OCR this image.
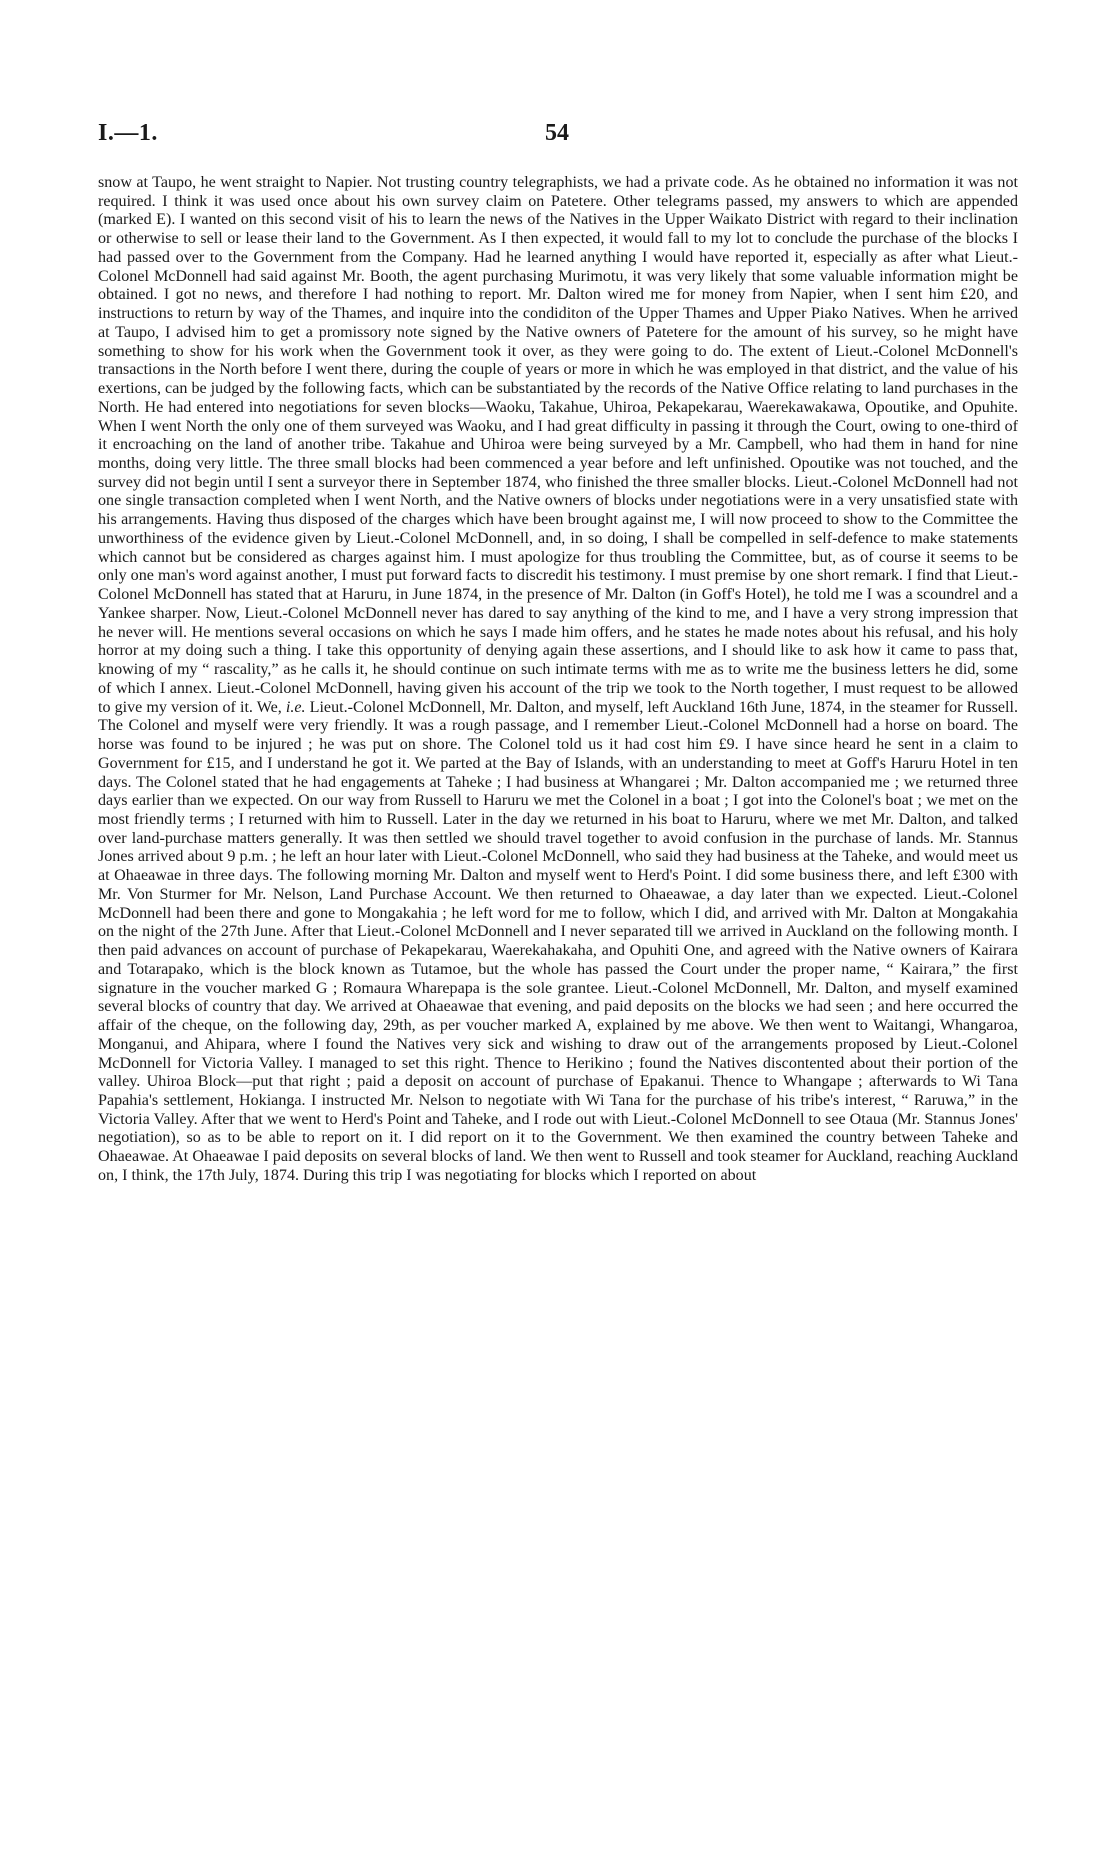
I.—1.	54

snow at Taupo, he went straight to Napier. Not trusting country telegraphists, we had a private code. As he obtained no information it was not required. I think it was used once about his own survey claim on Patetere. Other telegrams passed, my answers to which are appended (marked E). I wanted on this second visit of his to learn the news of the Natives in the Upper Waikato District with regard to their inclination or otherwise to sell or lease their land to the Government. As I then expected, it would fall to my lot to conclude the purchase of the blocks I had passed over to the Government from the Company. Had he learned anything I would have reported it, especially as after what Lieut.-Colonel McDonnell had said against Mr. Booth, the agent purchasing Murimotu, it was very likely that some valuable information might be obtained. I got no news, and therefore I had nothing to report. Mr. Dalton wired me for money from Napier, when I sent him £20, and instructions to return by way of the Thames, and inquire into the condiditon of the Upper Thames and Upper Piako Natives. When he arrived at Taupo, I advised him to get a promissory note signed by the Native owners of Patetere for the amount of his survey, so he might have something to show for his work when the Government took it over, as they were going to do. The extent of Lieut.-Colonel McDonnell's transactions in the North before I went there, during the couple of years or more in which he was employed in that district, and the value of his exertions, can be judged by the following facts, which can be substantiated by the records of the Native Office relating to land purchases in the North. He had entered into negotiations for seven blocks—Waoku, Takahue, Uhiroa, Pekapekarau, Waerekawakawa, Opoutike, and Opuhite. When I went North the only one of them surveyed was Waoku, and I had great difficulty in passing it through the Court, owing to one-third of it encroaching on the land of another tribe. Takahue and Uhiroa were being surveyed by a Mr. Campbell, who had them in hand for nine months, doing very little. The three small blocks had been commenced a year before and left unfinished. Opoutike was not touched, and the survey did not begin until I sent a surveyor there in September 1874, who finished the three smaller blocks. Lieut.-Colonel McDonnell had not one single transaction completed when I went North, and the Native owners of blocks under negotiations were in a very unsatisfied state with his arrangements. Having thus disposed of the charges which have been brought against me, I will now proceed to show to the Committee the unworthiness of the evidence given by Lieut.-Colonel McDonnell, and, in so doing, I shall be compelled in self-defence to make statements which cannot but be considered as charges against him. I must apologize for thus troubling the Committee, but, as of course it seems to be only one man's word against another, I must put forward facts to discredit his testimony. I must premise by one short remark. I find that Lieut.-Colonel McDonnell has stated that at Haruru, in June 1874, in the presence of Mr. Dalton (in Goff's Hotel), he told me I was a scoundrel and a Yankee sharper. Now, Lieut.-Colonel McDonnell never has dared to say anything of the kind to me, and I have a very strong impression that he never will. He mentions several occasions on which he says I made him offers, and he states he made notes about his refusal, and his holy horror at my doing such a thing. I take this opportunity of denying again these assertions, and I should like to ask how it came to pass that, knowing of my “ rascality,” as he calls it, he should continue on such intimate terms with me as to write me the business letters he did, some of which I annex. Lieut.-Colonel McDonnell, having given his account of the trip we took to the North together, I must request to be allowed to give my version of it. We, i.e. Lieut.-Colonel McDonnell, Mr. Dalton, and myself, left Auckland 16th June, 1874, in the steamer for Russell. The Colonel and myself were very friendly. It was a rough passage, and I remember Lieut.-Colonel McDonnell had a horse on board. The horse was found to be injured ; he was put on shore. The Colonel told us it had cost him £9. I have since heard he sent in a claim to Government for £15, and I understand he got it. We parted at the Bay of Islands, with an understanding to meet at Goff's Haruru Hotel in ten days. The Colonel stated that he had engagements at Taheke ; I had business at Whangarei ; Mr. Dalton accompanied me ; we returned three days earlier than we expected. On our way from Russell to Haruru we met the Colonel in a boat ; I got into the Colonel's boat ; we met on the most friendly terms ; I returned with him to Russell. Later in the day we returned in his boat to Haruru, where we met Mr. Dalton, and talked over land-purchase matters generally. It was then settled we should travel together to avoid confusion in the purchase of lands. Mr. Stannus Jones arrived about 9 p.m. ; he left an hour later with Lieut.-Colonel McDonnell, who said they had business at the Taheke, and would meet us at Ohaeawae in three days. The following morning Mr. Dalton and myself went to Herd's Point. I did some business there, and left £300 with Mr. Von Sturmer for Mr. Nelson, Land Purchase Account. We then returned to Ohaeawae, a day later than we expected. Lieut.-Colonel McDonnell had been there and gone to Mongakahia ; he left word for me to follow, which I did, and arrived with Mr. Dalton at Mongakahia on the night of the 27th June. After that Lieut.-Colonel McDonnell and I never separated till we arrived in Auckland on the following month. I then paid advances on account of purchase of Pekapekarau, Waerekahakaha, and Opuhiti One, and agreed with the Native owners of Kairara and Totarapako, which is the block known as Tutamoe, but the whole has passed the Court under the proper name, “ Kairara,” the first signature in the voucher marked G ; Romaura Wharepapa is the sole grantee. Lieut.-Colonel McDonnell, Mr. Dalton, and myself examined several blocks of country that day. We arrived at Ohaeawae that evening, and paid deposits on the blocks we had seen ; and here occurred the affair of the cheque, on the following day, 29th, as per voucher marked A, explained by me above. We then went to Waitangi, Whangaroa, Monganui, and Ahipara, where I found the Natives very sick and wishing to draw out of the arrangements proposed by Lieut.-Colonel McDonnell for Victoria Valley. I managed to set this right. Thence to Herikino ; found the Natives discontented about their portion of the valley. Uhiroa Block—put that right ; paid a deposit on account of purchase of Epakanui. Thence to Whangape ; afterwards to Wi Tana Papahia's settlement, Hokianga. I instructed Mr. Nelson to negotiate with Wi Tana for the purchase of his tribe's interest, “ Raruwa,” in the Victoria Valley. After that we went to Herd's Point and Taheke, and I rode out with Lieut.-Colonel McDonnell to see Otaua (Mr. Stannus Jones' negotiation), so as to be able to report on it. I did report on it to the Government. We then examined the country between Taheke and Ohaeawae. At Ohaeawae I paid deposits on several blocks of land. We then went to Russell and took steamer for Auckland, reaching Auckland on, I think, the 17th July, 1874. During this trip I was negotiating for blocks which I reported on about
